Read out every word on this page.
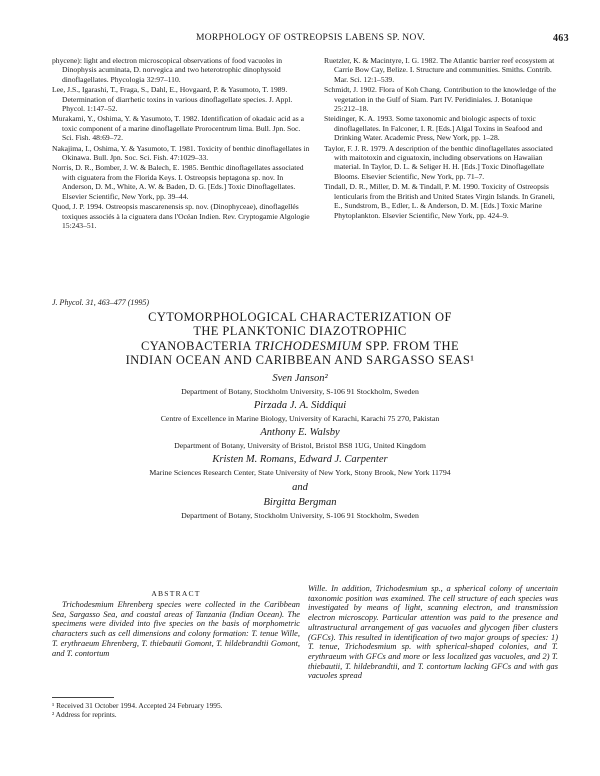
MORPHOLOGY OF OSTREOPSIS LABENS SP. NOV.	463
phycene): light and electron microscopical observations of food vacuoles in Dinophysis acuminata, D. norvegica and two heterotrophic dinophysoid dinoflagellates. Phycologia 32:97–110.
Lee, J.S., Igarashi, T., Fraga, S., Dahl, E., Hovgaard, P. & Yasumoto, T. 1989. Determination of diarrhetic toxins in various dinoflagellate species. J. Appl. Phycol. 1:147–52.
Murakami, Y., Oshima, Y. & Yasumoto, T. 1982. Identification of okadaic acid as a toxic component of a marine dinoflagellate Prorocentrum lima. Bull. Jpn. Soc. Sci. Fish. 48:69–72.
Nakajima, I., Oshima, Y. & Yasumoto, T. 1981. Toxicity of benthic dinoflagellates in Okinawa. Bull. Jpn. Soc. Sci. Fish. 47:1029–33.
Norris, D. R., Bomber, J. W. & Balech, E. 1985. Benthic dinoflagellates associated with ciguatera from the Florida Keys. I. Ostreopsis heptagona sp. nov. In Anderson, D. M., White, A. W. & Baden, D. G. [Eds.] Toxic Dinoflagellates. Elsevier Scientific, New York, pp. 39–44.
Quod, J. P. 1994. Ostreopsis mascarenensis sp. nov. (Dinophyceae), dinoflagellés toxiques associés à la ciguatera dans l'Océan Indien. Rev. Cryptogamie Algologie 15:243–51.
Ruetzler, K. & Macintyre, I. G. 1982. The Atlantic barrier reef ecosystem at Carrie Bow Cay, Belize. I. Structure and communities. Smiths. Contrib. Mar. Sci. 12:1–539.
Schmidt, J. 1902. Flora of Koh Chang. Contribution to the knowledge of the vegetation in the Gulf of Siam. Part IV. Peridiniales. J. Botanique 25:212–18.
Steidinger, K. A. 1993. Some taxonomic and biologic aspects of toxic dinoflagellates. In Falconer, I. R. [Eds.] Algal Toxins in Seafood and Drinking Water. Academic Press, New York, pp. 1–28.
Taylor, F. J. R. 1979. A description of the benthic dinoflagellates associated with maitotoxin and ciguatoxin, including observations on Hawaiian material. In Taylor, D. L. & Seliger H. H. [Eds.] Toxic Dinoflagellate Blooms. Elsevier Scientific, New York, pp. 71–7.
Tindall, D. R., Miller, D. M. & Tindall, P. M. 1990. Toxicity of Ostreopsis lenticularis from the British and United States Virgin Islands. In Graneli, E., Sundstrom, B., Edler, L. & Anderson, D. M. [Eds.] Toxic Marine Phytoplankton. Elsevier Scientific, New York, pp. 424–9.
J. Phycol. 31, 463–477 (1995)
CYTOMORPHOLOGICAL CHARACTERIZATION OF
THE PLANKTONIC DIAZOTROPHIC
CYANOBACTERIA TRICHODESMIUM SPP. FROM THE
INDIAN OCEAN AND CARIBBEAN AND SARGASSO SEAS¹
Sven Janson²
Department of Botany, Stockholm University, S-106 91 Stockholm, Sweden
Pirzada J. A. Siddiqui
Centre of Excellence in Marine Biology, University of Karachi, Karachi 75 270, Pakistan
Anthony E. Walsby
Department of Botany, University of Bristol, Bristol BS8 1UG, United Kingdom
Kristen M. Romans, Edward J. Carpenter
Marine Sciences Research Center, State University of New York, Stony Brook, New York 11794
and
Birgitta Bergman
Department of Botany, Stockholm University, S-106 91 Stockholm, Sweden
ABSTRACT
Trichodesmium Ehrenberg species were collected in the Caribbean Sea, Sargasso Sea, and coastal areas of Tanzania (Indian Ocean). The specimens were divided into five species on the basis of morphometric characters such as cell dimensions and colony formation: T. tenue Wille, T. erythraeum Ehrenberg, T. thiebautii Gomont, T. hildebrandtii Gomont, and T. contortum
Wille. In addition, Trichodesmium sp., a spherical colony of uncertain taxonomic position was examined. The cell structure of each species was investigated by means of light, scanning electron, and transmission electron microscopy. Particular attention was paid to the presence and ultrastructural arrangement of gas vacuoles and glycogen fiber clusters (GFCs). This resulted in identification of two major groups of species: 1) T. tenue, Trichodesmium sp. with spherical-shaped colonies, and T. erythraeum with GFCs and more or less localized gas vacuoles, and 2) T. thiebautii, T. hildebrandtii, and T. contortum lacking GFCs and with gas vacuoles spread
¹ Received 31 October 1994. Accepted 24 February 1995.
² Address for reprints.
